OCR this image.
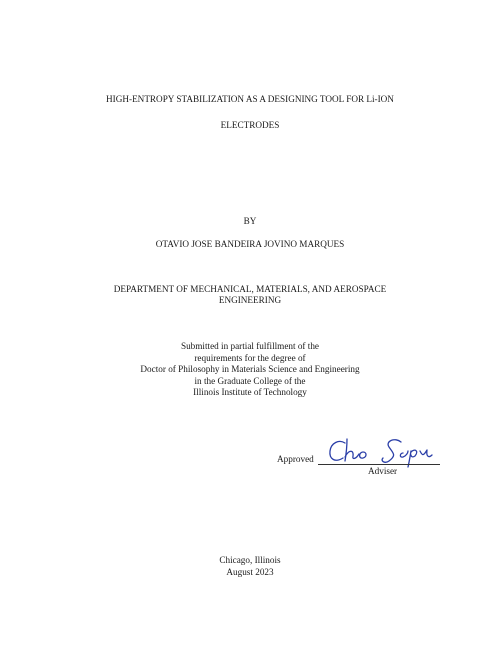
HIGH-ENTROPY STABILIZATION AS A DESIGNING TOOL FOR Li-ION
ELECTRODES
BY
OTAVIO JOSE BANDEIRA JOVINO MARQUES
DEPARTMENT OF MECHANICAL, MATERIALS, AND AEROSPACE
ENGINEERING
Submitted in partial fulfillment of the
requirements for the degree of
Doctor of Philosophy in Materials Science and Engineering
in the Graduate College of the
Illinois Institute of Technology
Approved
Adviser
Chicago, Illinois
August 2023
